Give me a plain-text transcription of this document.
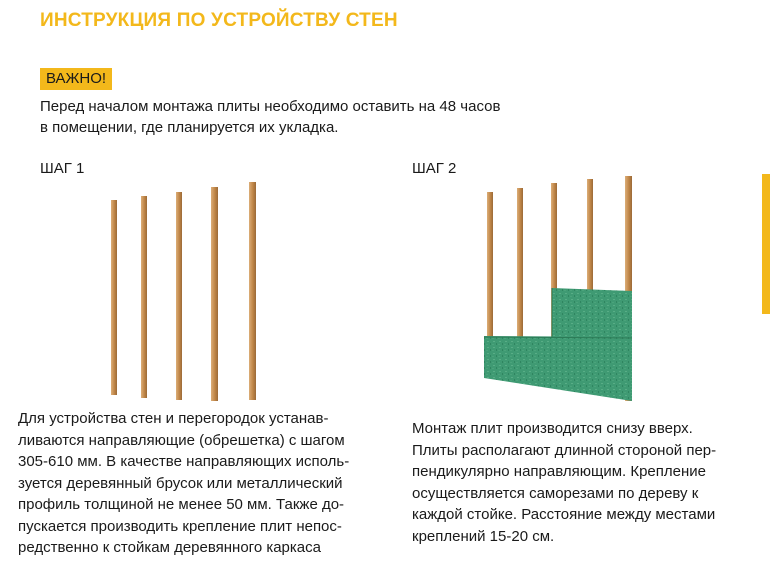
ИНСТРУКЦИЯ ПО УСТРОЙСТВУ СТЕН
ВАЖНО!
Перед началом монтажа плиты необходимо оставить на 48 часов
в помещении, где планируется их укладка.
ШАГ 1	ШАГ 2
Для устройства стен и перегородок устанав-
ливаются направляющие (обрешетка) с шагом
305-610 мм. В качестве направляющих исполь-
зуется деревянный брусок или металлический
профиль толщиной не менее 50 мм. Также до-
пускается производить крепление плит непос-
редственно к стойкам деревянного каркаса
Монтаж плит производится снизу вверх.
Плиты располагают длинной стороной пер-
пендикулярно направляющим. Крепление
осуществляется саморезами по дереву к
каждой стойке. Расстояние между местами
креплений 15-20 см.
